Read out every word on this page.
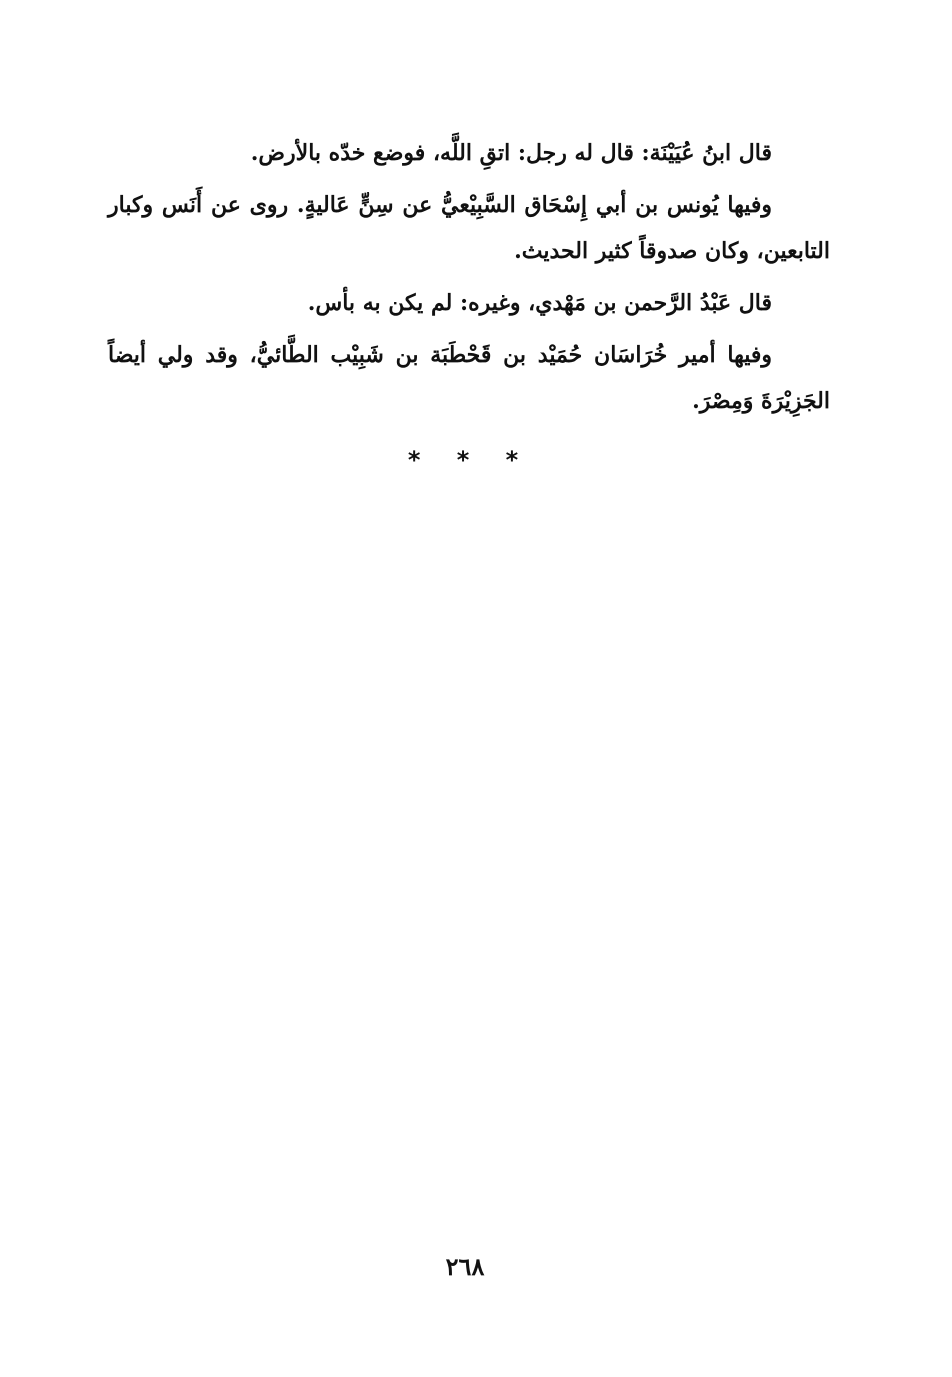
قال ابنُ عُيَيْنَة: قال له رجل: اتقِ اللَّه، فوضع خدّه بالأرض.

وفيها يُونس بن أبي إِسْحَاق السَّبِيْعيُّ عن سِنٍّ عَاليةٍ. روى عن أَنَس وكبار التابعين، وكان صدوقاً كثير الحديث.

قال عَبْدُ الرَّحمن بن مَهْدي، وغيره: لم يكن به بأس.

وفيها أمير خُرَاسَان حُمَيْد بن قَحْطَبَة بن شَبِيْب الطَّائيُّ، وقد ولي أيضاً الجَزِيْرَةَ وَمِصْرَ.

* * *
٢٦٨
